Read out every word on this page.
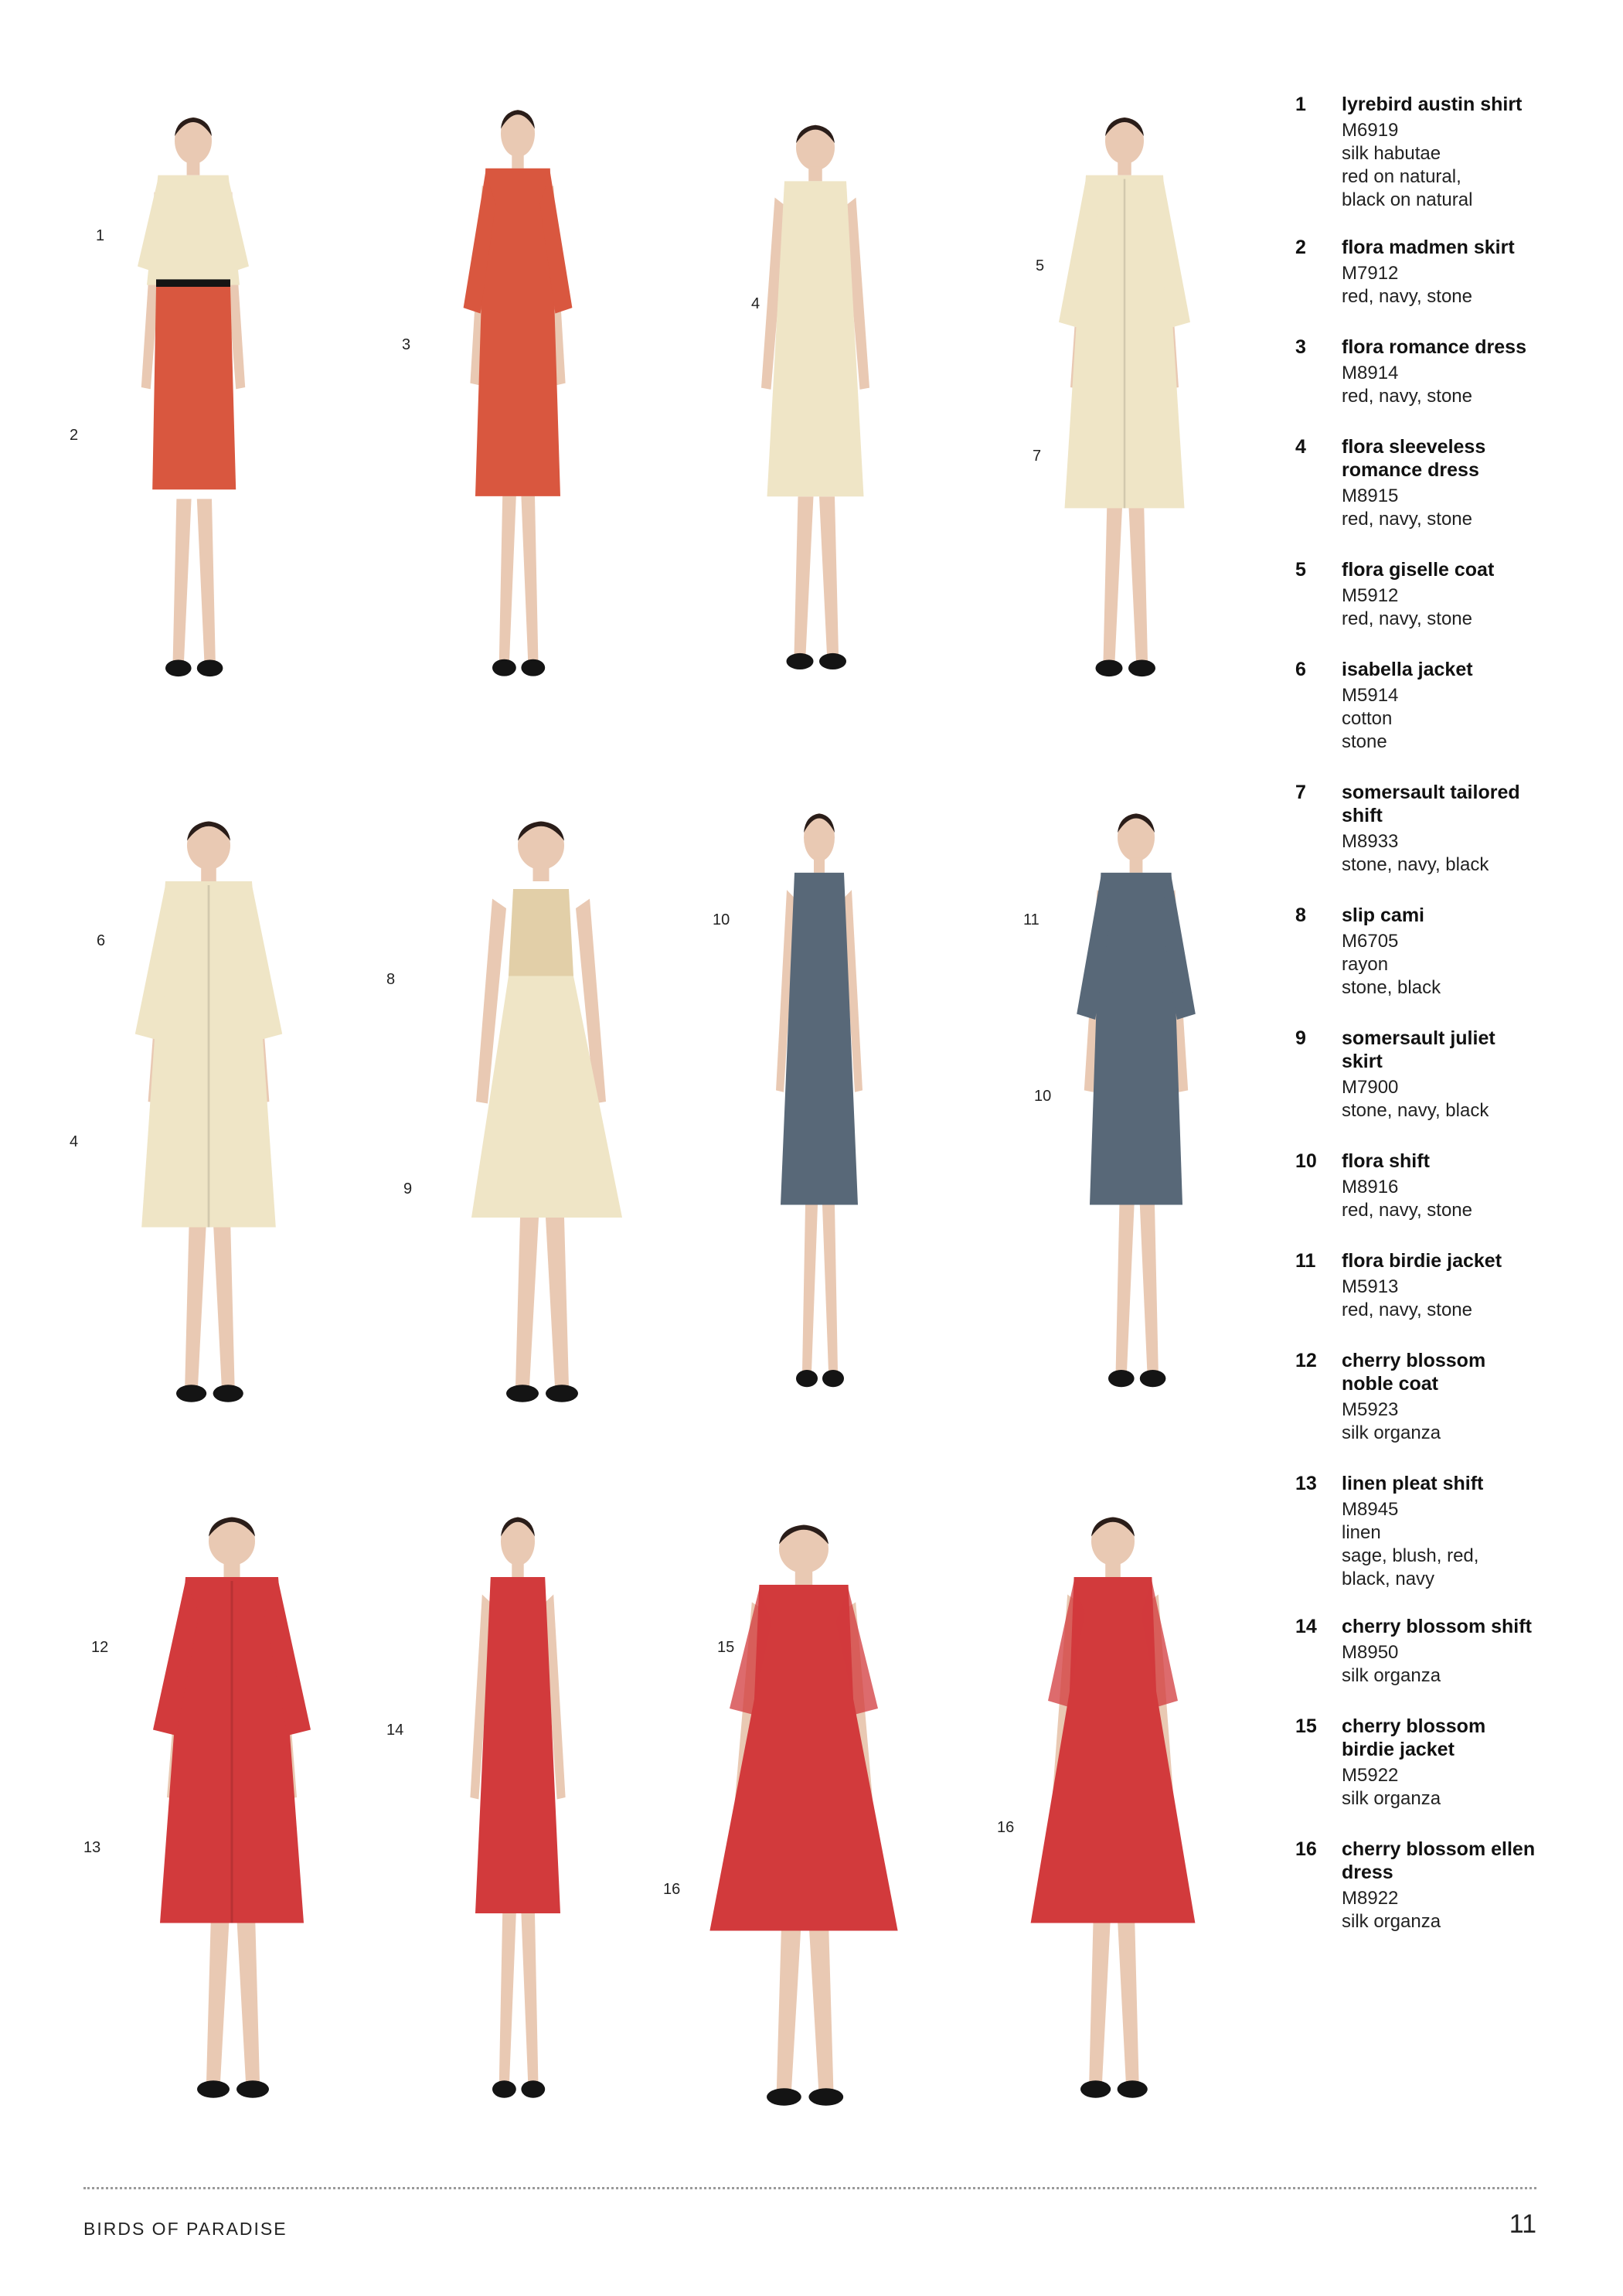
1
2
3
4
5
7
6
4
8
9
10	11
10
12
13
14
15
16
16
1	lyrebird austin shirt
M6919
silk habutae
red on natural,
black on natural
2	flora madmen skirt
M7912
red, navy, stone
3	flora romance dress
M8914
red, navy, stone
4	flora sleeveless
romance dress
M8915
red, navy, stone
5	flora giselle coat
M5912
red, navy, stone
6	isabella jacket
M5914
cotton
stone
7	somersault tailored
shift
M8933
stone, navy, black
8	slip cami
M6705
rayon
stone, black
9	somersault juliet
skirt
M7900
stone, navy, black
10	flora shift
M8916
red, navy, stone
11	flora birdie jacket
M5913
red, navy, stone
12	cherry blossom
noble coat
M5923
silk organza
13	linen pleat shift
M8945
linen
sage, blush, red,
black, navy
14	cherry blossom shift
M8950
silk organza
15	cherry blossom
birdie jacket
M5922
silk organza
16	cherry blossom ellen
dress
M8922
silk organza
BIRDS OF PARADISE	11
